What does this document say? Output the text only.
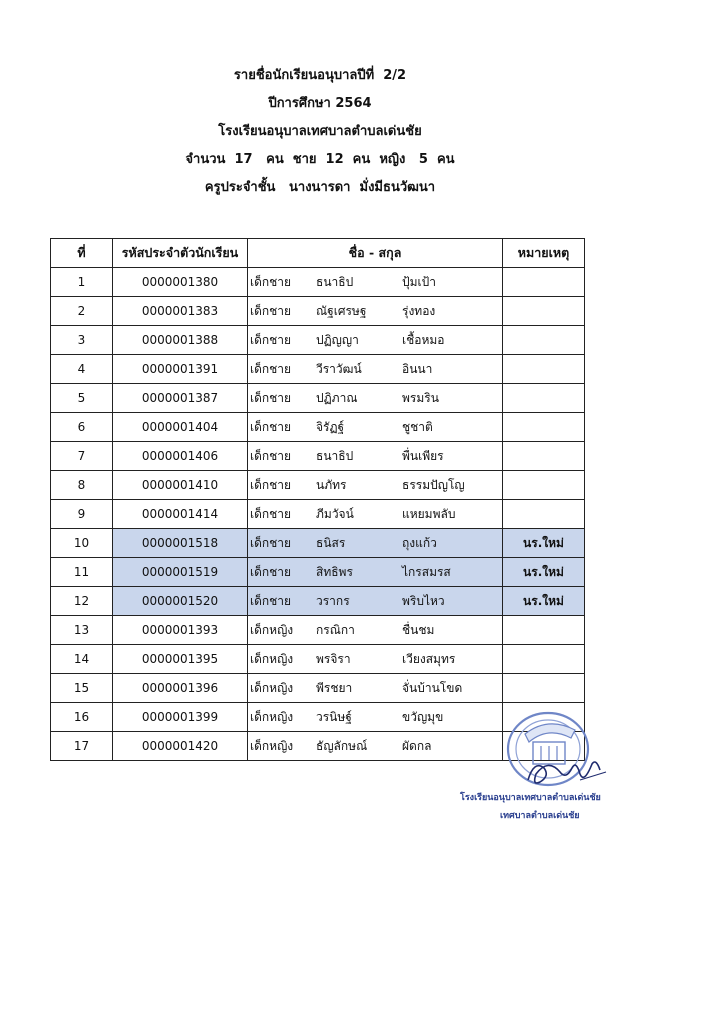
รายชื่อนักเรียนอนุบาลปีที่  2/2
ปีการศึกษา 2564
โรงเรียนอนุบาลเทศบาลตำบลเด่นชัย
จำนวน  17   คน  ชาย  12  คน  หญิง   5  คน
ครูประจำชั้น   นางนารดา  มั่งมีธนวัฒนา
ที่	รหัสประจำตัวนักเรียน	ชื่อ - สกุล	หมายเหตุ
1	0000001380	เด็กชาย ธนาธิป ปุ้มเป้า	
2	0000001383	เด็กชาย ณัฐเศรษฐ รุ่งทอง	
3	0000001388	เด็กชาย ปฏิญญา เชื้อหมอ	
4	0000001391	เด็กชาย วีราวัฒน์ อินนา	
5	0000001387	เด็กชาย ปฏิภาณ พรมริน	
6	0000001404	เด็กชาย จิรัฏฐ์ ชูชาติ	
7	0000001406	เด็กชาย ธนาธิป พื่นเพียร	
8	0000001410	เด็กชาย นภัทร ธรรมปัญโญ	
9	0000001414	เด็กชาย ภีมวัจน์ แหยมพลับ	
10	0000001518	เด็กชาย ธนิสร ถุงแก้ว	นร.ใหม่
11	0000001519	เด็กชาย สิทธิพร ไกรสมรส	นร.ใหม่
12	0000001520	เด็กชาย วรากร พริบไหว	นร.ใหม่
13	0000001393	เด็กหญิง กรณิกา ชื่นชม	
14	0000001395	เด็กหญิง พรจิรา เวียงสมุทร	
15	0000001396	เด็กหญิง พีรชยา จั่นบ้านโขด	
16	0000001399	เด็กหญิง วรนิษฐ์ ขวัญมุข	
17	0000001420	เด็กหญิง ธัญลักษณ์ ผัดกล	
โรงเรียนอนุบาลเทศบาลตำบลเด่นชัย
เทศบาลตำบลเด่นชัย
